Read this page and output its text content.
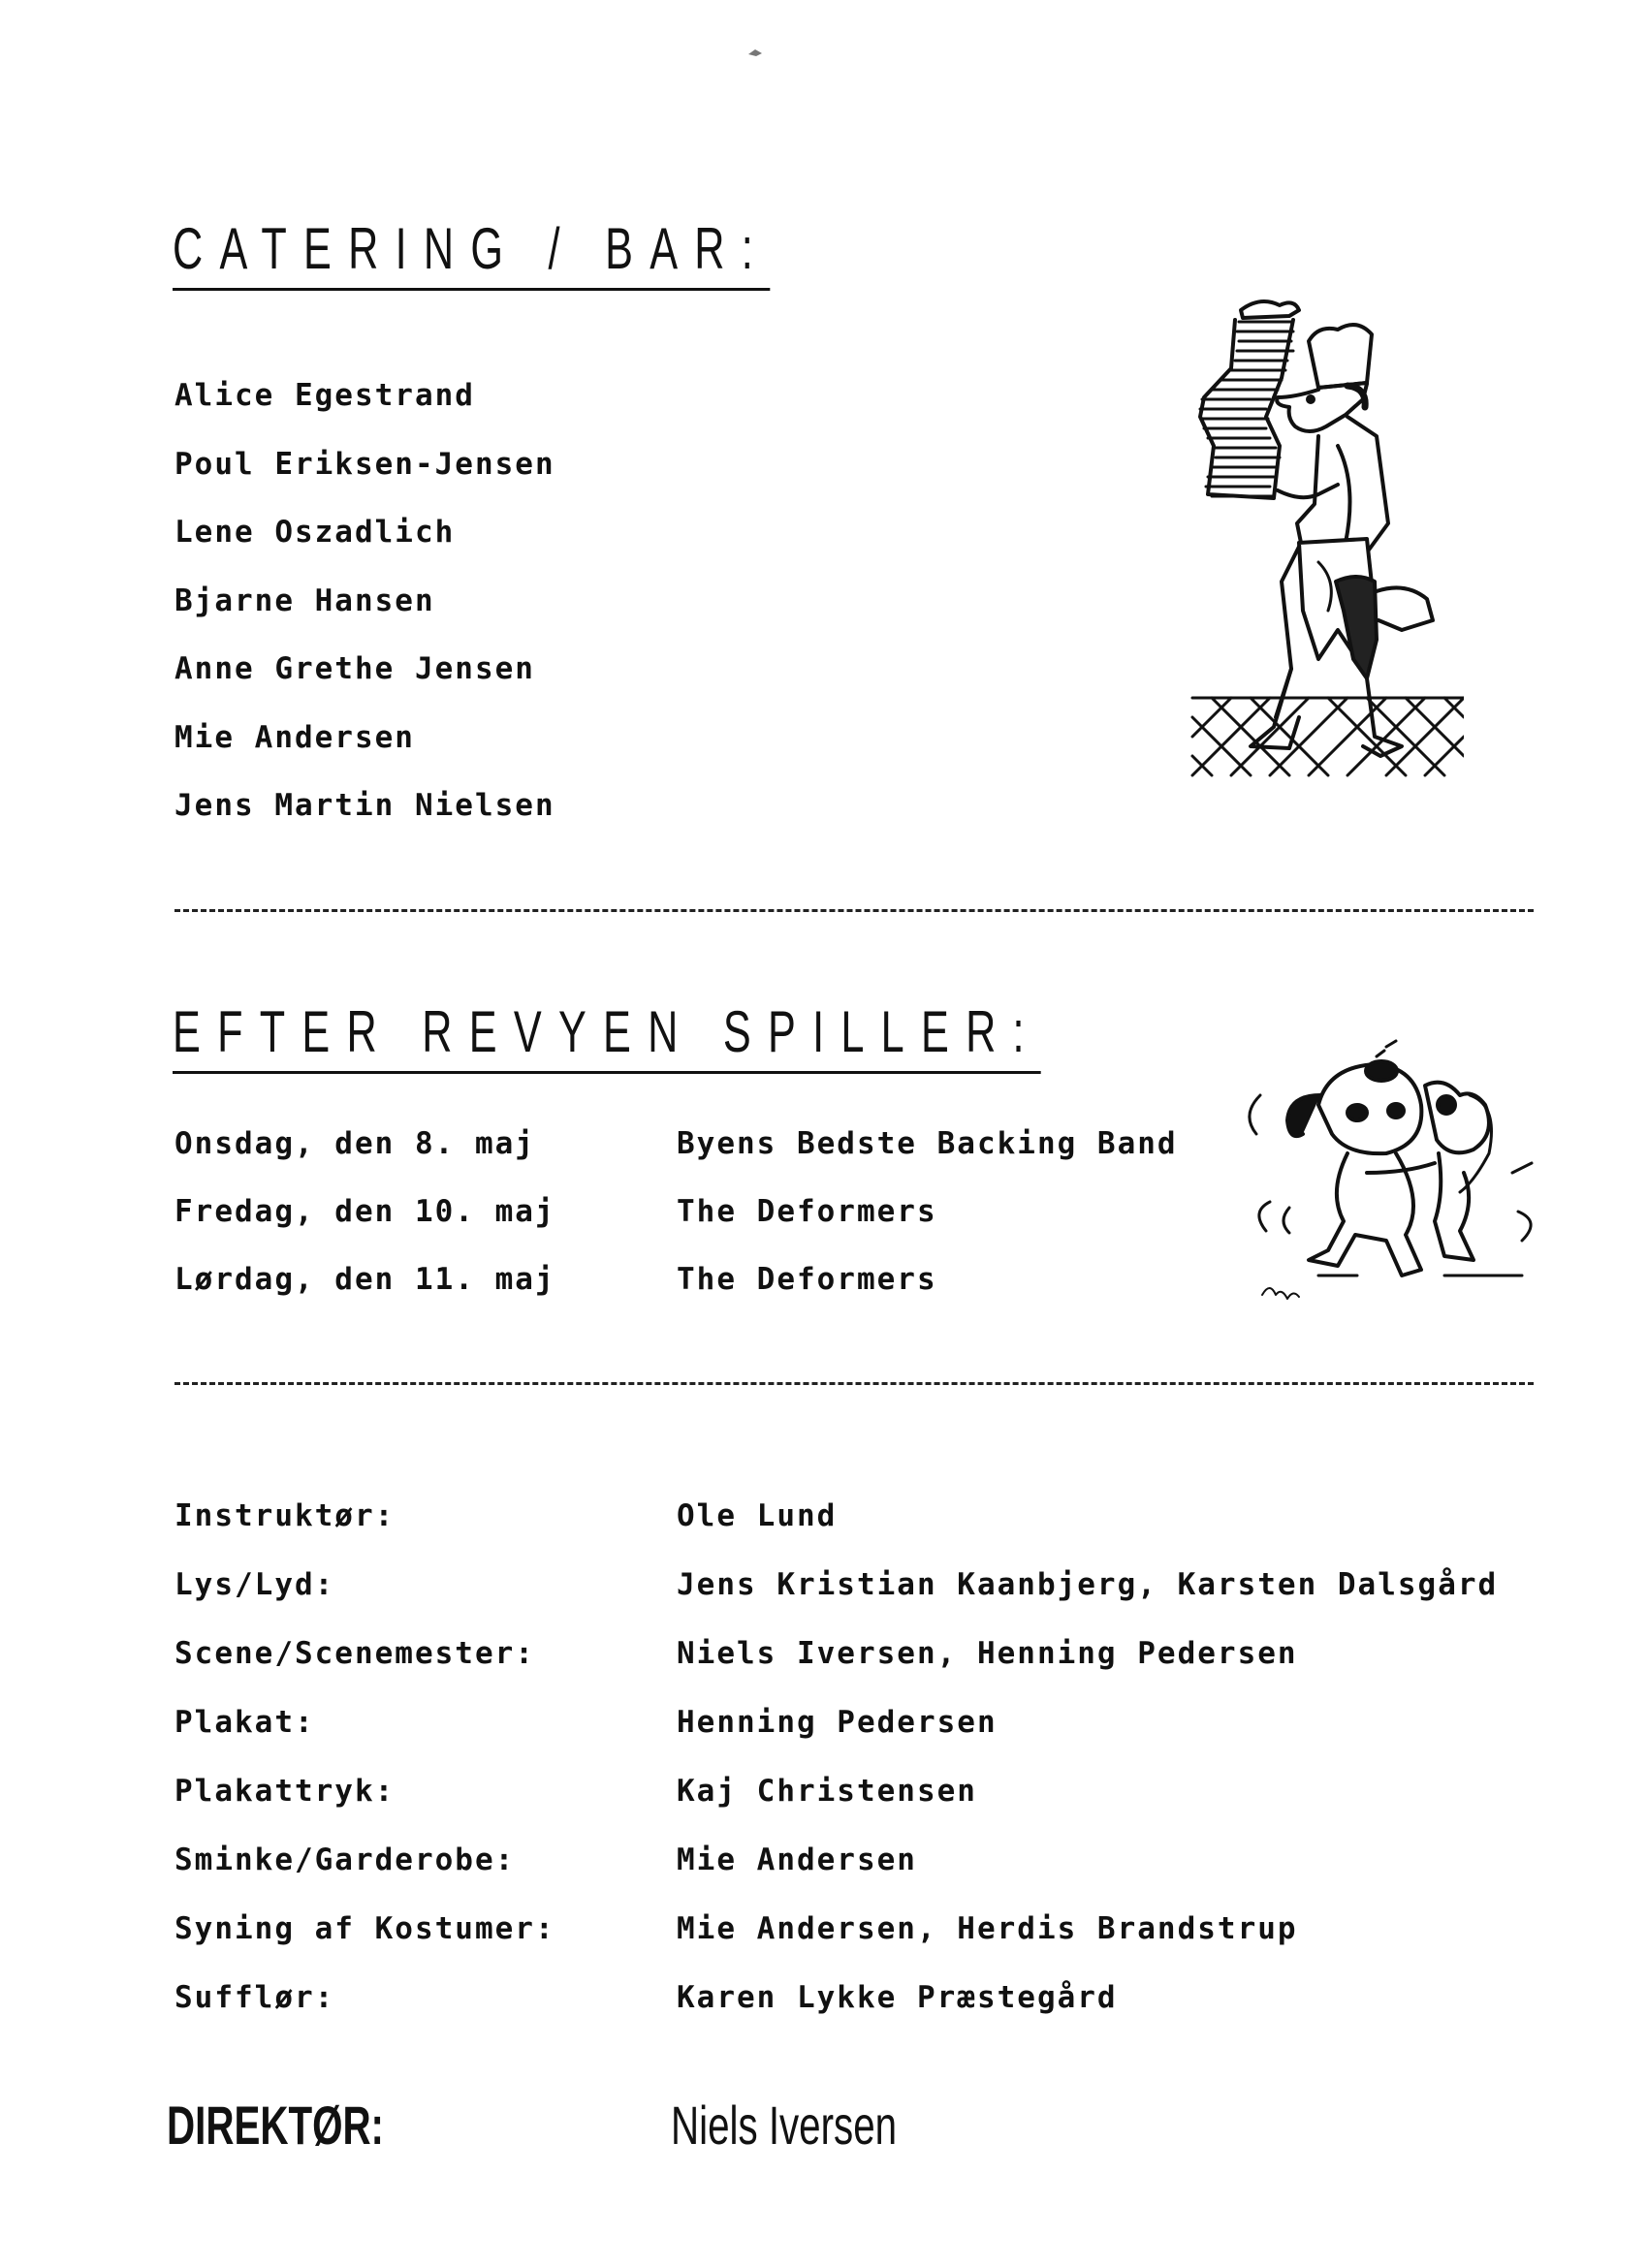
CATERING / BAR:
Alice Egestrand
Poul Eriksen-Jensen
Lene Oszadlich
Bjarne Hansen
Anne Grethe Jensen
Mie Andersen
Jens Martin Nielsen
EFTER REVYEN SPILLER:
Onsdag, den 8. maj	Byens Bedste Backing Band
Fredag, den 10. maj	The Deformers
Lørdag, den 11. maj	The Deformers
Instruktør:	Ole Lund
Lys/Lyd:	Jens Kristian Kaanbjerg, Karsten Dalsgård
Scene/Scenemester:	Niels Iversen, Henning Pedersen
Plakat:	Henning Pedersen
Plakattryk:	Kaj Christensen
Sminke/Garderobe:	Mie Andersen
Syning af Kostumer:	Mie Andersen, Herdis Brandstrup
Sufflør:	Karen Lykke Præstegård
DIREKTØR:	Niels Iversen
